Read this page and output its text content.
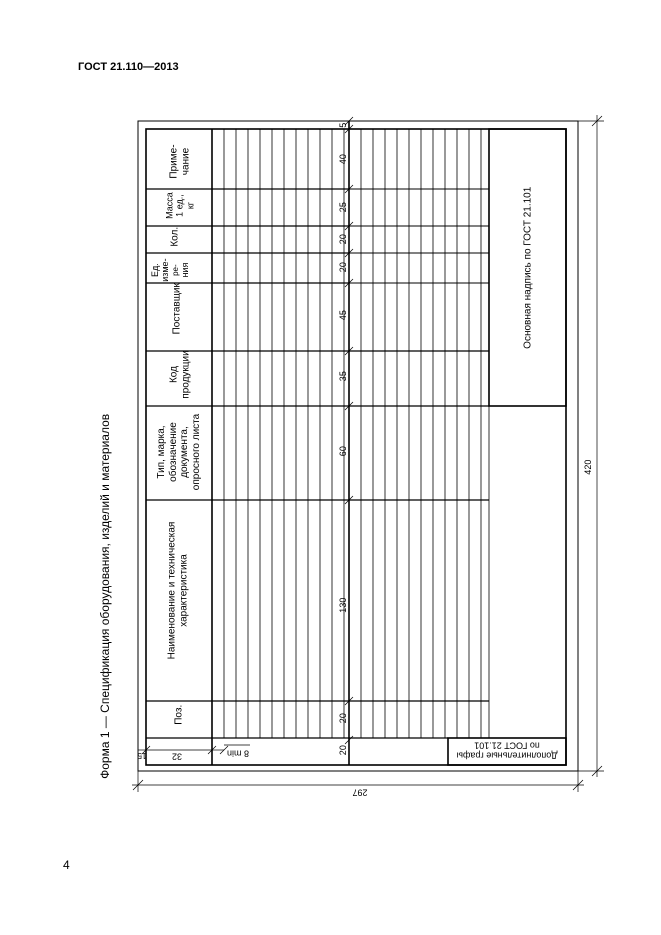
ГОСТ 21.110—2013
4
Форма 1 — Спецификация оборудования, изделий и материалов	Поз.
Наименование и техническая характеристика
Тип, марка, обозначение документа, опросного листа
Код продукции
Поставщик
Ед. изме- ре- ния
Кол.
Масса 1 ед., кг
Приме- чание
20
130
60
35
45
20
20
25
40
5
20
Основная надпись по ГОСТ 21.101
Дополнительные графы
по ГОСТ 21.101
420
297
32
15	8 min
